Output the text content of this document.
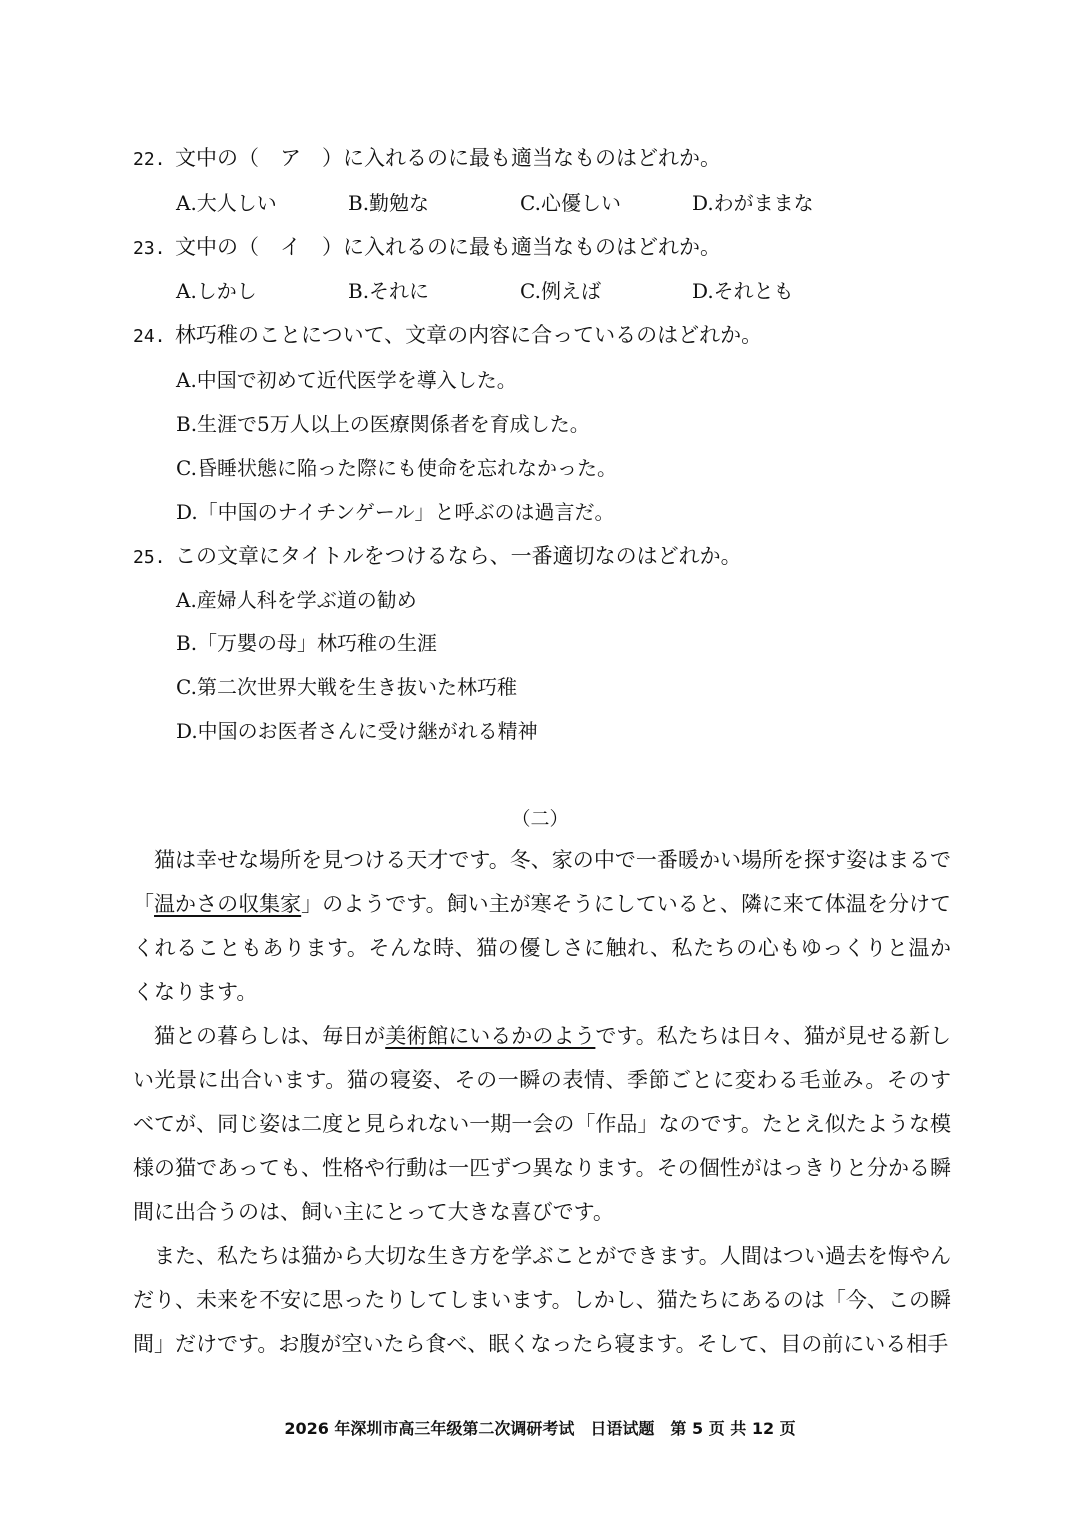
22. 文中の（　ア　）に入れるのに最も適当なものはどれか。
A.大人しい	B.勤勉な	C.心優しい	D.わがままな
23. 文中の（　イ　）に入れるのに最も適当なものはどれか。
A.しかし	B.それに	C.例えば	D.それとも
24. 林巧稚のことについて、文章の内容に合っているのはどれか。
A.中国で初めて近代医学を導入した。
B.生涯で5万人以上の医療関係者を育成した。
C.昏睡状態に陥った際にも使命を忘れなかった。
D.「中国のナイチンゲール」と呼ぶのは過言だ。
25. この文章にタイトルをつけるなら、一番適切なのはどれか。
A.産婦人科を学ぶ道の勧め
B.「万嬰の母」林巧稚の生涯
C.第二次世界大戦を生き抜いた林巧稚
D.中国のお医者さんに受け継がれる精神
（二）

猫は幸せな場所を見つける天才です。冬、家の中で一番暖かい場所を探す姿はまるで「温かさの収集家」のようです。飼い主が寒そうにしていると、隣に来て体温を分けてくれることもあります。そんな時、猫の優しさに触れ、私たちの心もゆっくりと温かくなります。

猫との暮らしは、毎日が美術館にいるかのようです。私たちは日々、猫が見せる新しい光景に出合います。猫の寝姿、その一瞬の表情、季節ごとに変わる毛並み。そのすべてが、同じ姿は二度と見られない一期一会の「作品」なのです。たとえ似たような模様の猫であっても、性格や行動は一匹ずつ異なります。その個性がはっきりと分かる瞬間に出合うのは、飼い主にとって大きな喜びです。

また、私たちは猫から大切な生き方を学ぶことができます。人間はつい過去を悔やんだり、未来を不安に思ったりしてしまいます。しかし、猫たちにあるのは「今、この瞬間」だけです。お腹が空いたら食べ、眠くなったら寝ます。そして、目の前にいる相手

2026 年深圳市高三年级第二次调研考试　日语试题　第 5 页 共 12 页
